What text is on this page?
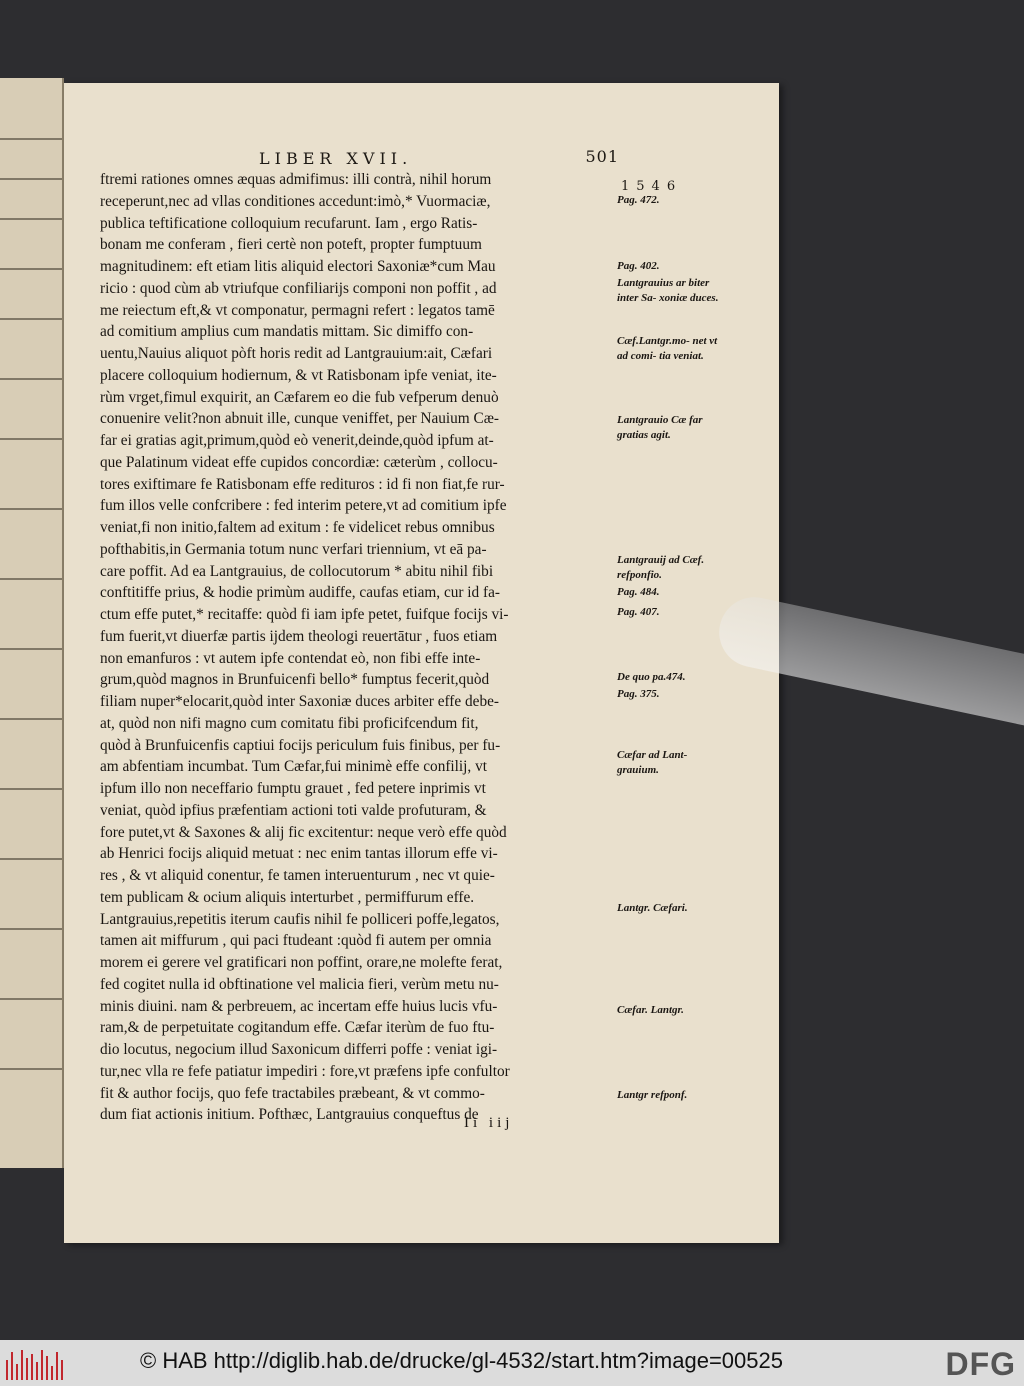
LIBER XVII.	501
1546
ftremi rationes omnes æquas admifimus: illi contrà, nihil horum
receperunt,nec ad vllas conditiones accedunt:imò,* Vuormaciæ,
publica teftificatione colloquium recufarunt. Iam , ergo Ratis-
bonam me conferam , fieri certè non poteft, propter fumptuum
magnitudinem: eft etiam litis aliquid electori Saxoniæ*cum Mau
ricio : quod cùm ab vtriufque confiliarijs componi non poffit , ad
me reiectum eft,& vt componatur, permagni refert : legatos tamē
ad comitium amplius cum mandatis mittam. Sic dimiffo con-
uentu,Nauius aliquot pòft horis redit ad Lantgrauium:ait, Cæfari
placere colloquium hodiernum, & vt Ratisbonam ipfe veniat, ite-
rùm vrget,fimul exquirit, an Cæfarem eo die fub vefperum denuò
conuenire velit?non abnuit ille, cunque veniffet, per Nauium Cæ-
far ei gratias agit,primum,quòd eò venerit,deinde,quòd ipfum at-
que Palatinum videat effe cupidos concordiæ: cæterùm , collocu-
tores exiftimare fe Ratisbonam effe redituros : id fi non fiat,fe rur-
fum illos velle confcribere : fed interim petere,vt ad comitium ipfe
veniat,fi non initio,faltem ad exitum : fe videlicet rebus omnibus
pofthabitis,in Germania totum nunc verfari triennium, vt eā pa-
care poffit. Ad ea Lantgrauius, de collocutorum * abitu nihil fibi
conftitiffe prius, & hodie primùm audiffe, caufas etiam, cur id fa-
ctum effe putet,* recitaffe: quòd fi iam ipfe petet, fuifque focijs vi-
fum fuerit,vt diuerfæ partis ijdem theologi reuertātur , fuos etiam
non emanfuros : vt autem ipfe contendat eò, non fibi effe inte-
grum,quòd magnos in Brunfuicenfi bello* fumptus fecerit,quòd
filiam nuper*elocarit,quòd inter Saxoniæ duces arbiter effe debe-
at, quòd non nifi magno cum comitatu fibi proficifcendum fit,
quòd à Brunfuicenfis captiui focijs periculum fuis finibus, per fu-
am abfentiam incumbat. Tum Cæfar,fui minimè effe confilij, vt
ipfum illo non neceffario fumptu grauet , fed petere inprimis vt
veniat, quòd ipfius præfentiam actioni toti valde profuturam, &
fore putet,vt & Saxones & alij fic excitentur: neque verò effe quòd
ab Henrici focijs aliquid metuat : nec enim tantas illorum effe vi-
res , & vt aliquid conentur, fe tamen interuenturum , nec vt quie-
tem publicam & ocium aliquis interturbet , permiffurum effe.
Lantgrauius,repetitis iterum caufis nihil fe polliceri poffe,legatos,
tamen ait miffurum , qui paci ftudeant :quòd fi autem per omnia
morem ei gerere vel gratificari non poffint, orare,ne molefte ferat,
fed cogitet nulla id obftinatione vel malicia fieri, verùm metu nu-
minis diuini. nam & perbreuem, ac incertam effe huius lucis vfu-
ram,& de perpetuitate cogitandum effe. Cæfar iterùm de fuo ftu-
dio locutus, negocium illud Saxonicum differri poffe : veniat igi-
tur,nec vlla re fefe patiatur impediri : fore,vt præfens ipfe confultor
fit & author focijs, quo fefe tractabiles præbeant, & vt commo-
dum fiat actionis initium. Pofthæc, Lantgrauius conqueftus de
Pag. 472.
Pag. 402.
Lantgrauius ar biter inter Sa- xoniæ duces.
Cæf.Lantgr.mo- net vt ad comi- tia veniat.
Lantgrauio Cæ far gratias agit.
Lantgrauij ad Cæf. refponfio.
Pag. 484.
Pag. 407.
De quo pa.474.
Pag. 375.
Cæfar ad Lant- grauium.
Lantgr. Cæfari.
Cæfar. Lantgr.
Lantgr refponf.
Ii iij
© HAB http://diglib.hab.de/drucke/gl-4532/start.htm?image=00525	DFG
